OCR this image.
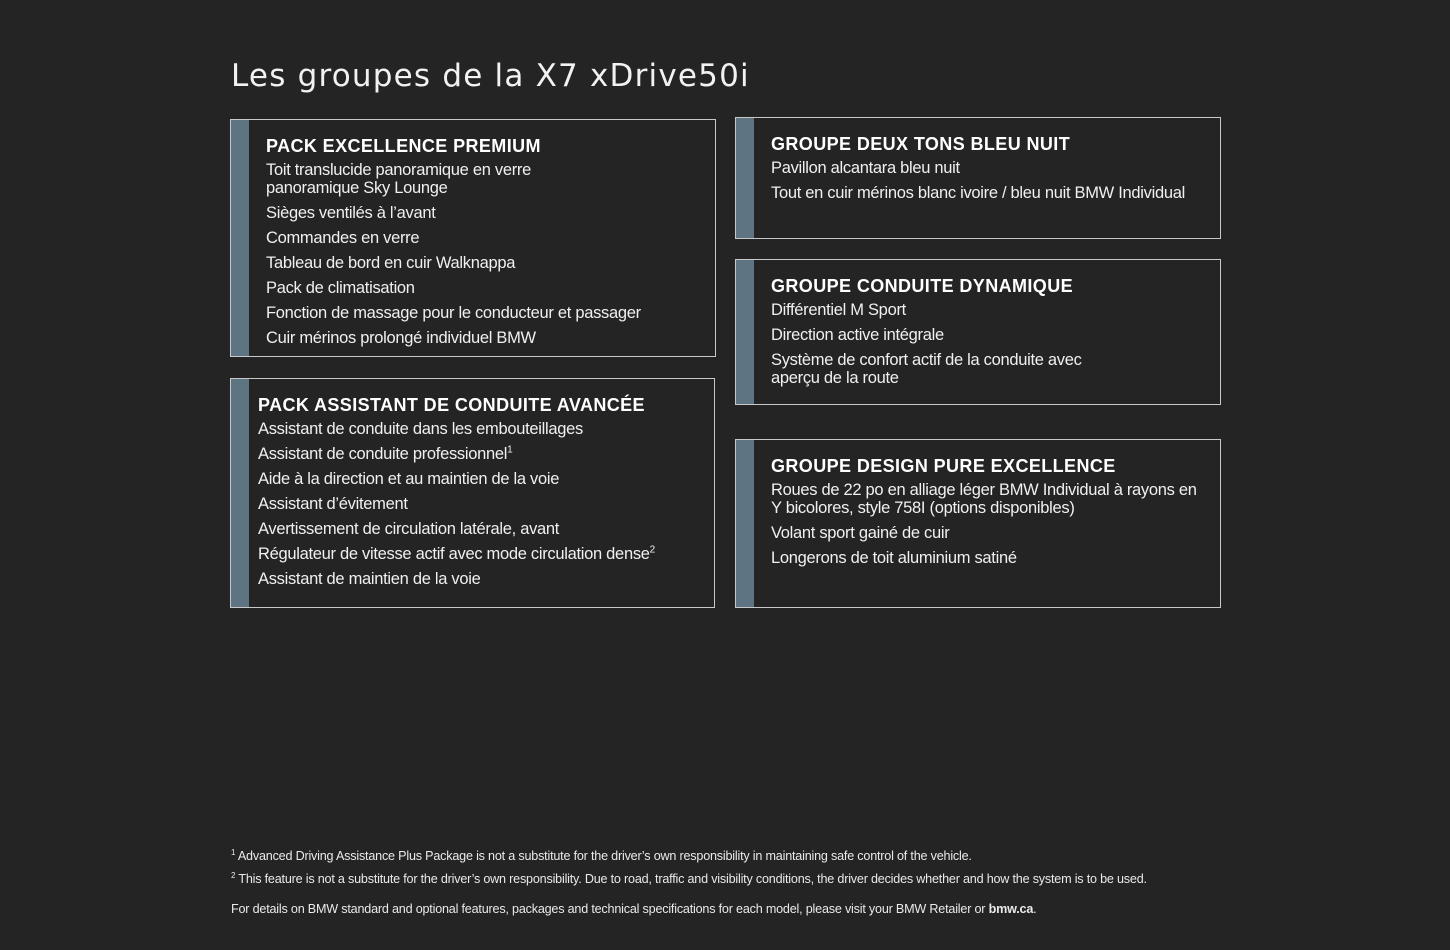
Les groupes de la X7 xDrive50i
PACK EXCELLENCE PREMIUM
Toit translucide panoramique en verre
panoramique Sky Lounge
Sièges ventilés à l’avant
Commandes en verre
Tableau de bord en cuir Walknappa
Pack de climatisation
Fonction de massage pour le conducteur et passager
Cuir mérinos prolongé individuel BMW
PACK ASSISTANT DE CONDUITE AVANCÉE
Assistant de conduite dans les embouteillages
Assistant de conduite professionnel$^1$
Aide à la direction et au maintien de la voie
Assistant d’évitement
Avertissement de circulation latérale, avant
Régulateur de vitesse actif avec mode circulation dense$^2$
Assistant de maintien de la voie
GROUPE DEUX TONS BLEU NUIT
Pavillon alcantara bleu nuit
Tout en cuir mérinos blanc ivoire / bleu nuit BMW Individual
GROUPE CONDUITE DYNAMIQUE
Différentiel M Sport
Direction active intégrale
Système de confort actif de la conduite avec
aperçu de la route
GROUPE DESIGN PURE EXCELLENCE
Roues de 22 po en alliage léger BMW Individual à rayons en
Y bicolores, style 758I (options disponibles)
Volant sport gainé de cuir
Longerons de toit aluminium satiné

$^1$ Advanced Driving Assistance Plus Package is not a substitute for the driver’s own responsibility in maintaining safe control of the vehicle.

$^2$ This feature is not a substitute for the driver’s own responsibility. Due to road, traffic and visibility conditions, the driver decides whether and how the system is to be used.

For details on BMW standard and optional features, packages and technical specifications for each model, please visit your BMW Retailer or bmw.ca.
